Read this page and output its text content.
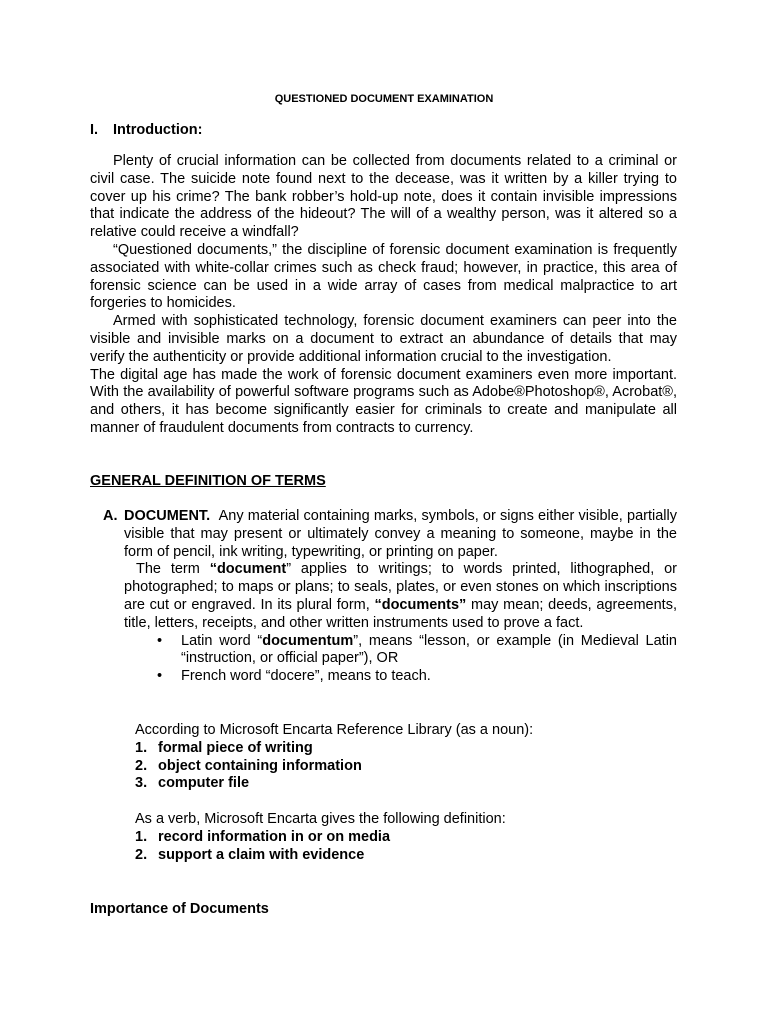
QUESTIONED DOCUMENT EXAMINATION
I. Introduction:

Plenty of crucial information can be collected from documents related to a criminal or civil case. The suicide note found next to the decease, was it written by a killer trying to cover up his crime? The bank robber’s hold-up note, does it contain invisible impressions that indicate the address of the hideout? The will of a wealthy person, was it altered so a relative could receive a windfall?

“Questioned documents,” the discipline of forensic document examination is frequently associated with white-collar crimes such as check fraud; however, in practice, this area of forensic science can be used in a wide array of cases from medical malpractice to art forgeries to homicides.

Armed with sophisticated technology, forensic document examiners can peer into the visible and invisible marks on a document to extract an abundance of details that may verify the authenticity or provide additional information crucial to the investigation.

The digital age has made the work of forensic document examiners even more important. With the availability of powerful software programs such as Adobe®Photoshop®, Acrobat®, and others, it has become significantly easier for criminals to create and manipulate all manner of fraudulent documents from contracts to currency.

GENERAL DEFINITION OF TERMS
A. DOCUMENT. Any material containing marks, symbols, or signs either visible, partially visible that may present or ultimately convey a meaning to someone, maybe in the form of pencil, ink writing, typewriting, or printing on paper.

The term “document” applies to writings; to words printed, lithographed, or photographed; to maps or plans; to seals, plates, or even stones on which inscriptions are cut or engraved. In its plural form, “documents” may mean; deeds, agreements, title, letters, receipts, and other written instruments used to prove a fact.

• Latin word “documentum”, means “lesson, or example (in Medieval Latin “instruction, or official paper”), OR
• French word “docere”, means to teach.

According to Microsoft Encarta Reference Library (as a noun):

1. formal piece of writing
2. object containing information
3. computer file

As a verb, Microsoft Encarta gives the following definition:

1. record information in or on media
2. support a claim with evidence
Importance of Documents
